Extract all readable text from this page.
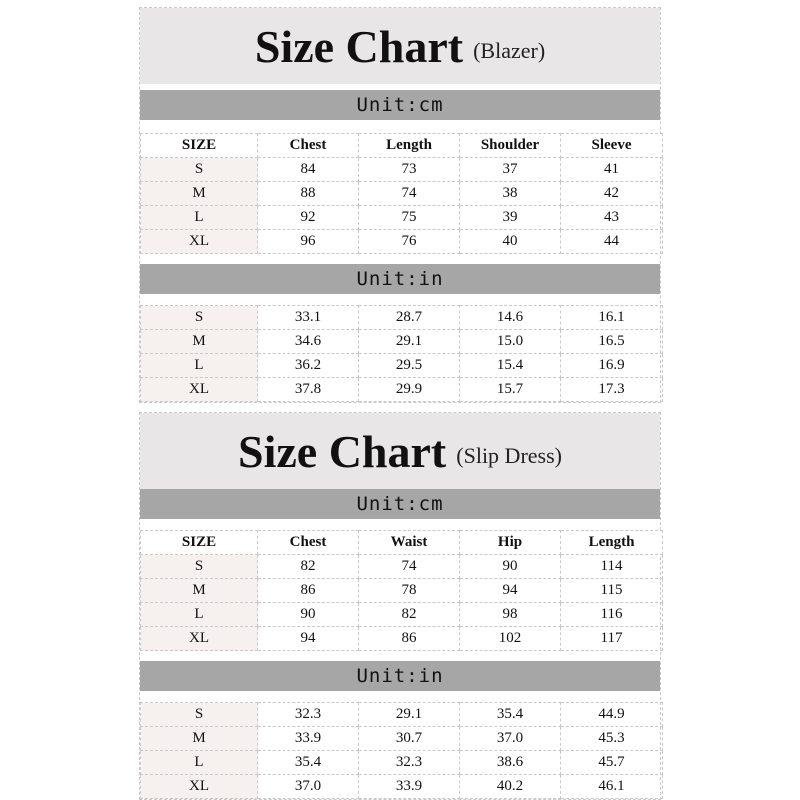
Size Chart (Blazer)
Unit:cm
SIZE	Chest	Length	Shoulder	Sleeve
S	84	73	37	41
M	88	74	38	42
L	92	75	39	43
XL	96	76	40	44
Unit:in
S	33.1	28.7	14.6	16.1
M	34.6	29.1	15.0	16.5
L	36.2	29.5	15.4	16.9
XL	37.8	29.9	15.7	17.3
Size Chart (Slip Dress)
Unit:cm
SIZE	Chest	Waist	Hip	Length
S	82	74	90	114
M	86	78	94	115
L	90	82	98	116
XL	94	86	102	117
Unit:in
S	32.3	29.1	35.4	44.9
M	33.9	30.7	37.0	45.3
L	35.4	32.3	38.6	45.7
XL	37.0	33.9	40.2	46.1
